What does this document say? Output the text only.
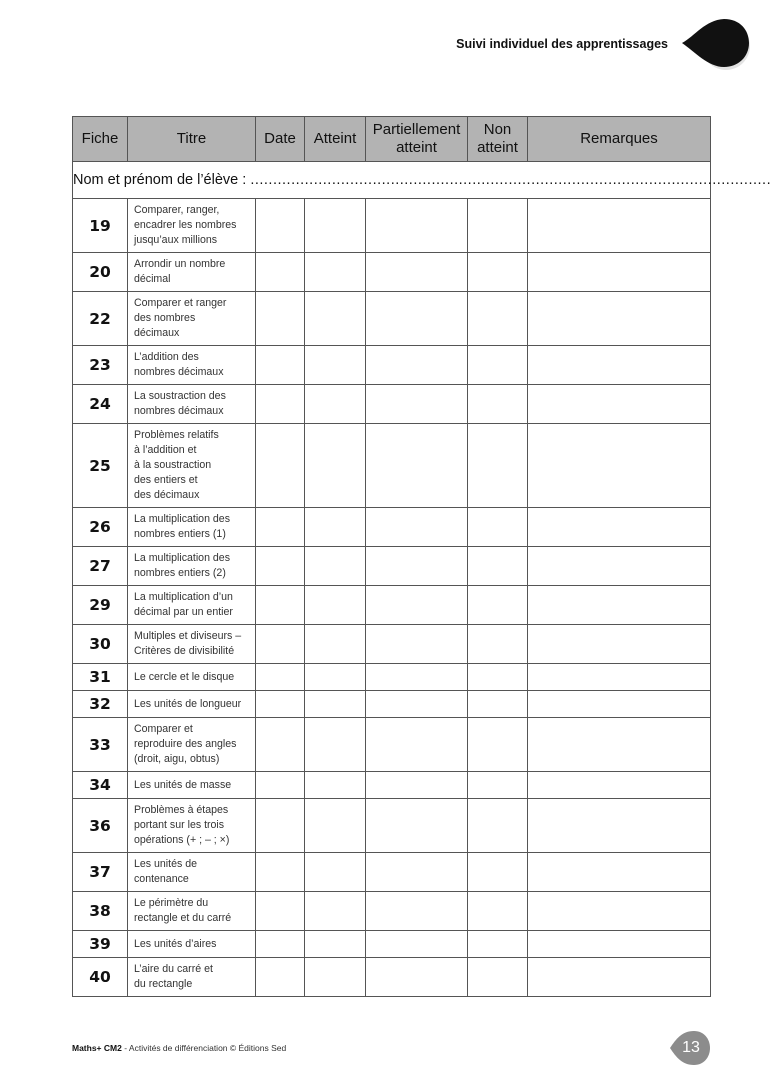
Suivi individuel des apprentissages
Nom et prénom de l’élève : ...................................................................................................................						
Fiche	Titre	Date	Atteint	Partiellement atteint	Non atteint	Remarques
19	Comparer, ranger,
encadrer les nombres
jusqu’aux millions					
20	Arrondir un nombre
décimal					
22	Comparer et ranger
des nombres
décimaux					
23	L’addition des
nombres décimaux					
24	La soustraction des
nombres décimaux					
25	Problèmes relatifs
à l’addition et
à la soustraction
des entiers et
des décimaux					
26	La multiplication des
nombres entiers (1)					
27	La multiplication des
nombres entiers (2)					
29	La multiplication d’un
décimal par un entier					
30	Multiples et diviseurs –
Critères de divisibilité					
31	Le cercle et le disque					
32	Les unités de longueur					
33	Comparer et
reproduire des angles
(droit, aigu, obtus)					
34	Les unités de masse					
36	Problèmes à étapes
portant sur les trois
opérations (+ ; – ; ×)					
37	Les unités de
contenance					
38	Le périmètre du
rectangle et du carré					
39	Les unités d’aires					
40	L’aire du carré et
du rectangle					
Maths+ CM2 - Activités de différenciation © Éditions Sed	13
